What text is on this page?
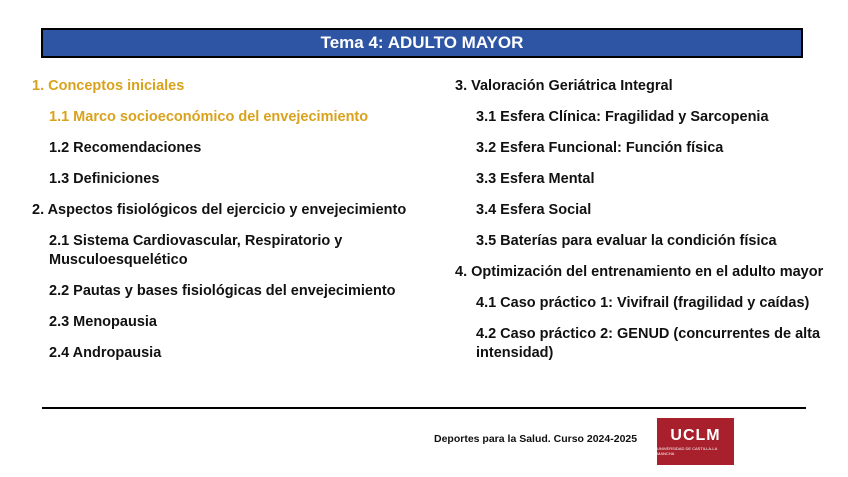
Tema 4: ADULTO MAYOR
1. Conceptos iniciales
1.1 Marco socioeconómico del envejecimiento
1.2 Recomendaciones
1.3 Definiciones
2. Aspectos fisiológicos del ejercicio y envejecimiento
2.1 Sistema Cardiovascular, Respiratorio y Musculoesquelético
2.2 Pautas y bases fisiológicas del envejecimiento
2.3 Menopausia
2.4 Andropausia
3. Valoración Geriátrica Integral
3.1 Esfera Clínica: Fragilidad y Sarcopenia
3.2 Esfera Funcional: Función física
3.3 Esfera Mental
3.4 Esfera Social
3.5 Baterías para evaluar la condición física
4. Optimización del entrenamiento en el adulto mayor
4.1 Caso práctico 1: Vivifrail (fragilidad y caídas)
4.2 Caso práctico 2: GENUD (concurrentes de alta intensidad)
Deportes para la Salud. Curso 2024-2025 UCLM
UNIVERSIDAD DE CASTILLA-LA MANCHA
